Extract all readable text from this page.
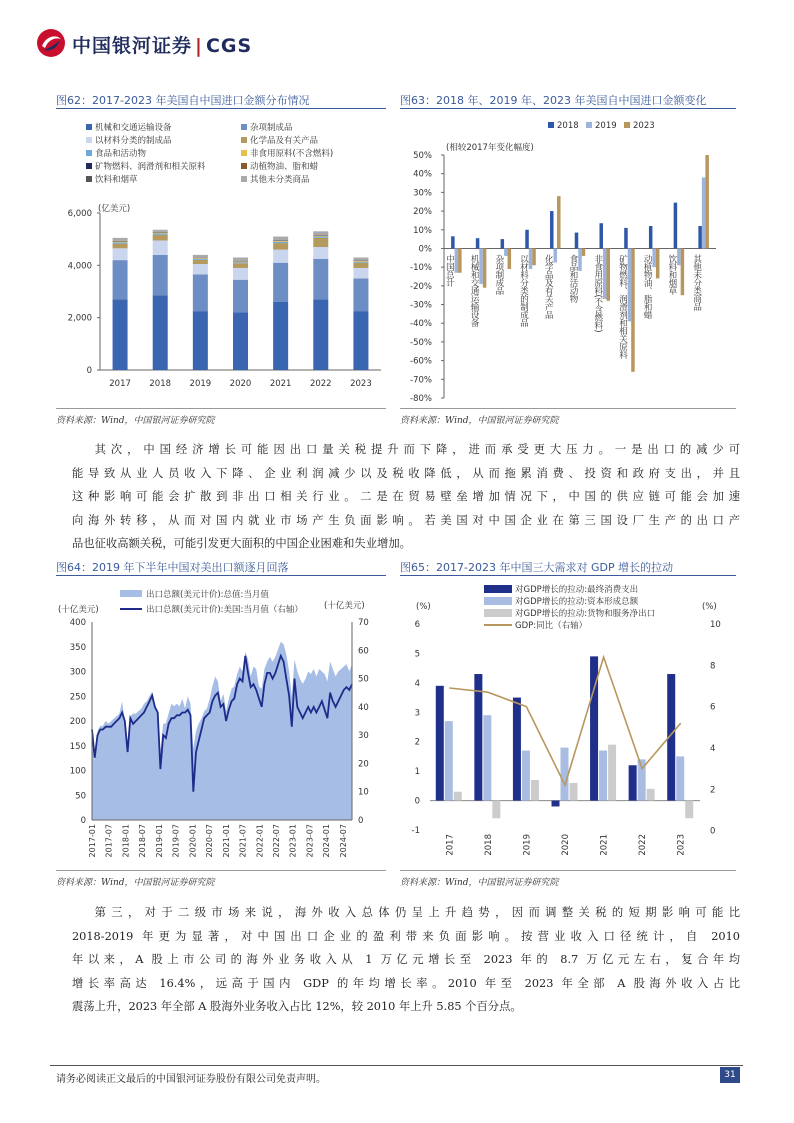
中国银河证券 | CGS
图62：2017-2023 年美国自中国进口金额分布情况
机械和交通运输设备	杂项制成品
以材料分类的制成品	化学品及有关产品
食品和活动物	非食用原料(不含燃料)
矿物燃料、润滑剂和相关原料	动植物油、脂和蜡
饮料和烟草	其他未分类商品
(亿美元)
0
2,000
4,000
6,000
2017 2018 2019 2020 2021 2022 2023
资料来源：Wind，中国银河证券研究院
图63：2018 年、2019 年、2023 年美国自中国进口金额变化
2018 2019 2023
(相较2017年变化幅度)
50%
40%
30%
20%
10%
0%
-10%
-20%
-30%
-40%
-50%
-60%
-70%
-80%
中国总计 机械和交通运输设备 杂项制成品 以材料分类的制成品 化学品及有关产品 食品和活动物 非食用原料(不含燃料) 矿物燃料、润滑剂和相关原料 动植物油、脂和蜡 饮料和烟草 其他未分类商品
资料来源：Wind，中国银河证券研究院
其次，中国经济增长可能因出口量关税提升而下降，进而承受更大压力。一是出口的减少可
能导致从业人员收入下降、企业利润减少以及税收降低，从而拖累消费、投资和政府支出，并且
这种影响可能会扩散到非出口相关行业。二是在贸易壁垒增加情况下，中国的供应链可能会加速
向海外转移，从而对国内就业市场产生负面影响。若美国对中国企业在第三国设厂生产的出口产
品也征收高额关税，可能引发更大面积的中国企业困难和失业增加。
图64：2019 年下半年中国对美出口额逐月回落
出口总额(美元计价):总值:当月值
出口总额(美元计价):美国:当月值（右轴）
(十亿美元)	(十亿美元)
400
350
300
250
200
150
100
50
0
70
60
50
40
30
20
10
0
2017-01 2017-07 2018-01 2018-07 2019-01 2019-07 2020-01 2020-07 2021-01 2021-07 2022-01 2022-07 2023-01 2023-07 2024-01 2024-07
资料来源：Wind，中国银河证券研究院
图65：2017-2023 年中国三大需求对 GDP 增长的拉动
对GDP增长的拉动:最终消费支出
对GDP增长的拉动:资本形成总额
对GDP增长的拉动:货物和服务净出口
GDP:同比（右轴）
(%)	(%)
6
5
4
3
2
1
0
-1
10
8
6
4
2
0
2017	2018	2019	2020	2021	2022	2023
资料来源：Wind，中国银河证券研究院
第三，对于二级市场来说，海外收入总体仍呈上升趋势，因而调整关税的短期影响可能比
2018-2019 年更为显著，对中国出口企业的盈利带来负面影响。按营业收入口径统计，自 2010
年以来，A 股上市公司的海外业务收入从 1 万亿元增长至 2023 年的 8.7 万亿元左右，复合年均
增长率高达 16.4%，远高于国内 GDP 的年均增长率。2010 年至 2023 年全部 A 股海外收入占比
震荡上升，2023 年全部 A 股海外业务收入占比 12%，较 2010 年上升 5.85 个百分点。
请务必阅读正文最后的中国银河证券股份有限公司免责声明。	31
